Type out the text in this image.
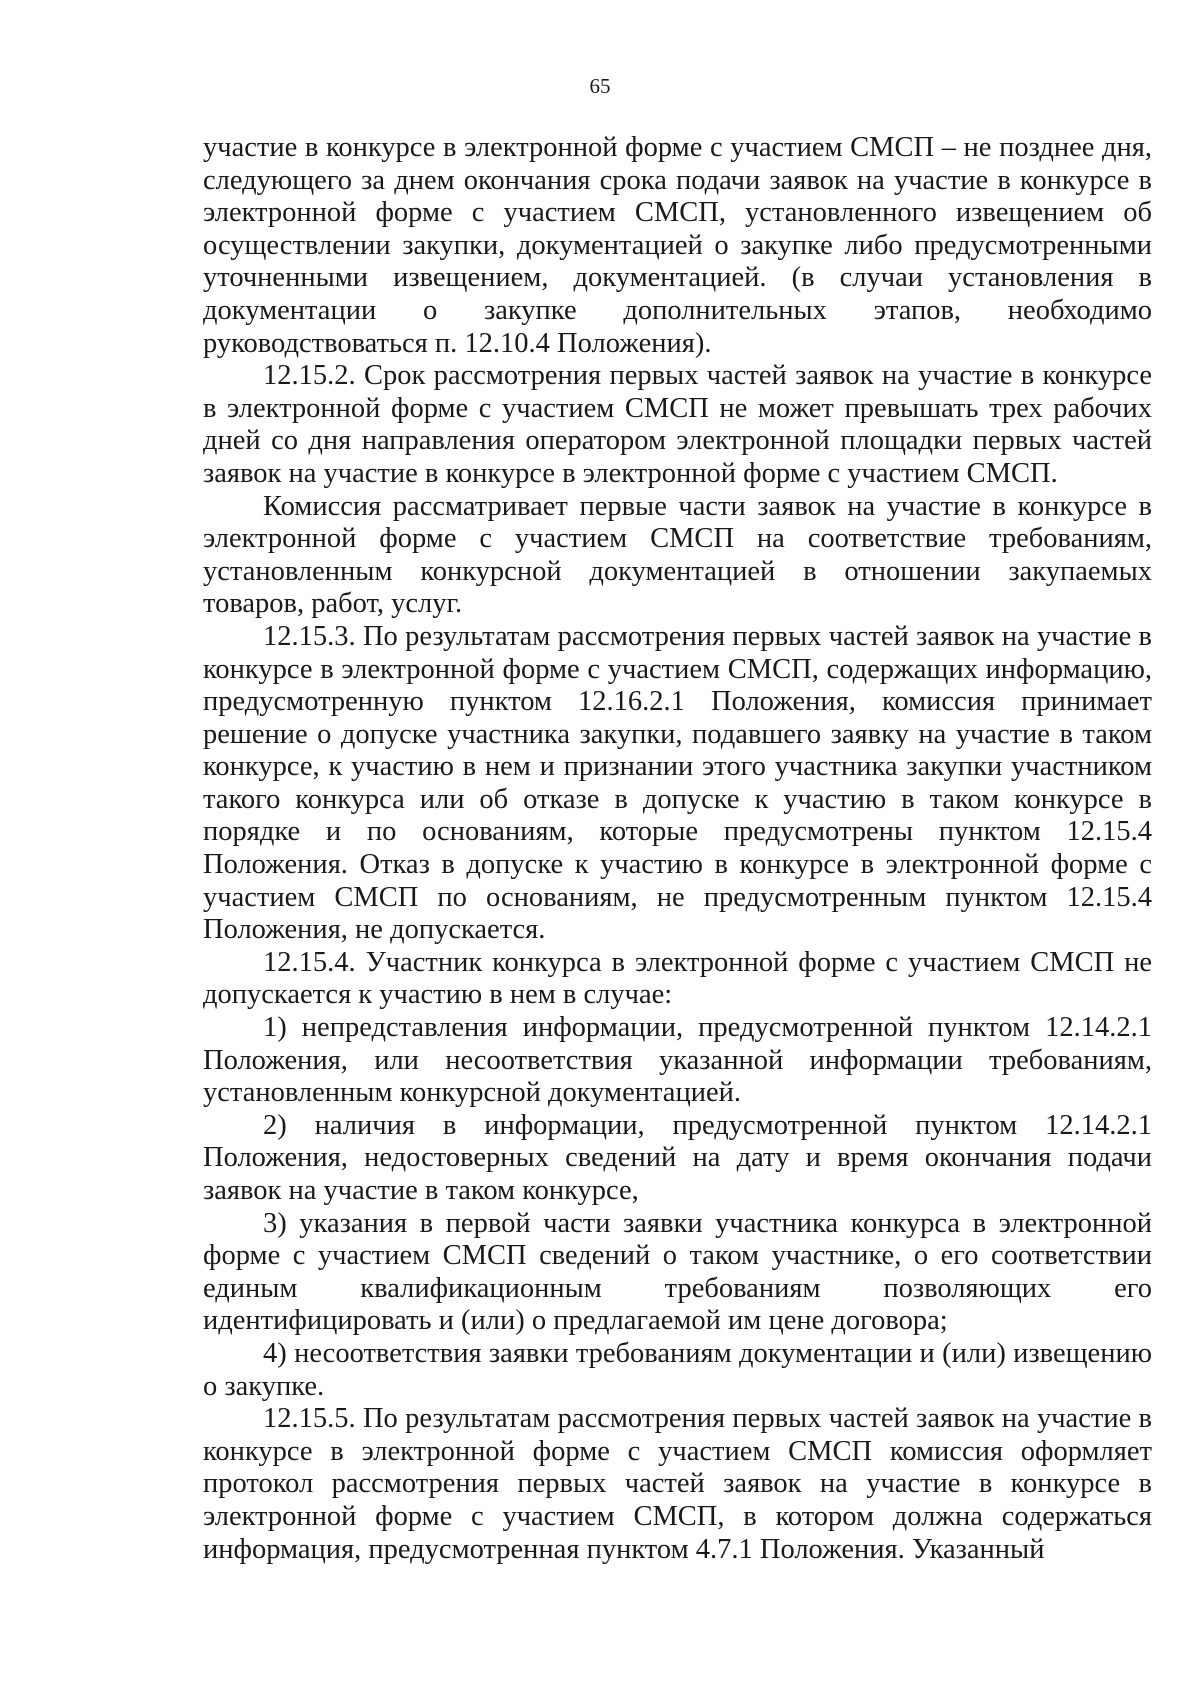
65

участие в конкурсе в электронной форме с участием СМСП – не позднее дня, следующего за днем окончания срока подачи заявок на участие в конкурсе в электронной форме с участием СМСП, установленного извещением об осуществлении закупки, документацией о закупке либо предусмотренными уточненными извещением, документацией. (в случаи установления в документации о закупке дополнительных этапов, необходимо руководствоваться п. 12.10.4 Положения).

12.15.2. Срок рассмотрения первых частей заявок на участие в конкурсе в электронной форме с участием СМСП не может превышать трех рабочих дней со дня направления оператором электронной площадки первых частей заявок на участие в конкурсе в электронной форме с участием СМСП.

Комиссия рассматривает первые части заявок на участие в конкурсе в электронной форме с участием СМСП на соответствие требованиям, установленным конкурсной документацией в отношении закупаемых товаров, работ, услуг.

12.15.3. По результатам рассмотрения первых частей заявок на участие в конкурсе в электронной форме с участием СМСП, содержащих информацию, предусмотренную пунктом 12.16.2.1 Положения, комиссия принимает решение о допуске участника закупки, подавшего заявку на участие в таком конкурсе, к участию в нем и признании этого участника закупки участником такого конкурса или об отказе в допуске к участию в таком конкурсе в порядке и по основаниям, которые предусмотрены пунктом 12.15.4 Положения. Отказ в допуске к участию в конкурсе в электронной форме с участием СМСП по основаниям, не предусмотренным пунктом 12.15.4 Положения, не допускается.

12.15.4. Участник конкурса в электронной форме с участием СМСП не допускается к участию в нем в случае:

1) непредставления информации, предусмотренной пунктом 12.14.2.1 Положения, или несоответствия указанной информации требованиям, установленным конкурсной документацией.

2) наличия в информации, предусмотренной пунктом 12.14.2.1 Положения, недостоверных сведений на дату и время окончания подачи заявок на участие в таком конкурсе,

3) указания в первой части заявки участника конкурса в электронной форме с участием СМСП сведений о таком участнике, о его соответствии единым квалификационным требованиям позволяющих его идентифицировать и (или) о предлагаемой им цене договора;

4) несоответствия заявки требованиям документации и (или) извещению о закупке.

12.15.5. По результатам рассмотрения первых частей заявок на участие в конкурсе в электронной форме с участием СМСП комиссия оформляет протокол рассмотрения первых частей заявок на участие в конкурсе в электронной форме с участием СМСП, в котором должна содержаться информация, предусмотренная пунктом 4.7.1 Положения. Указанный
